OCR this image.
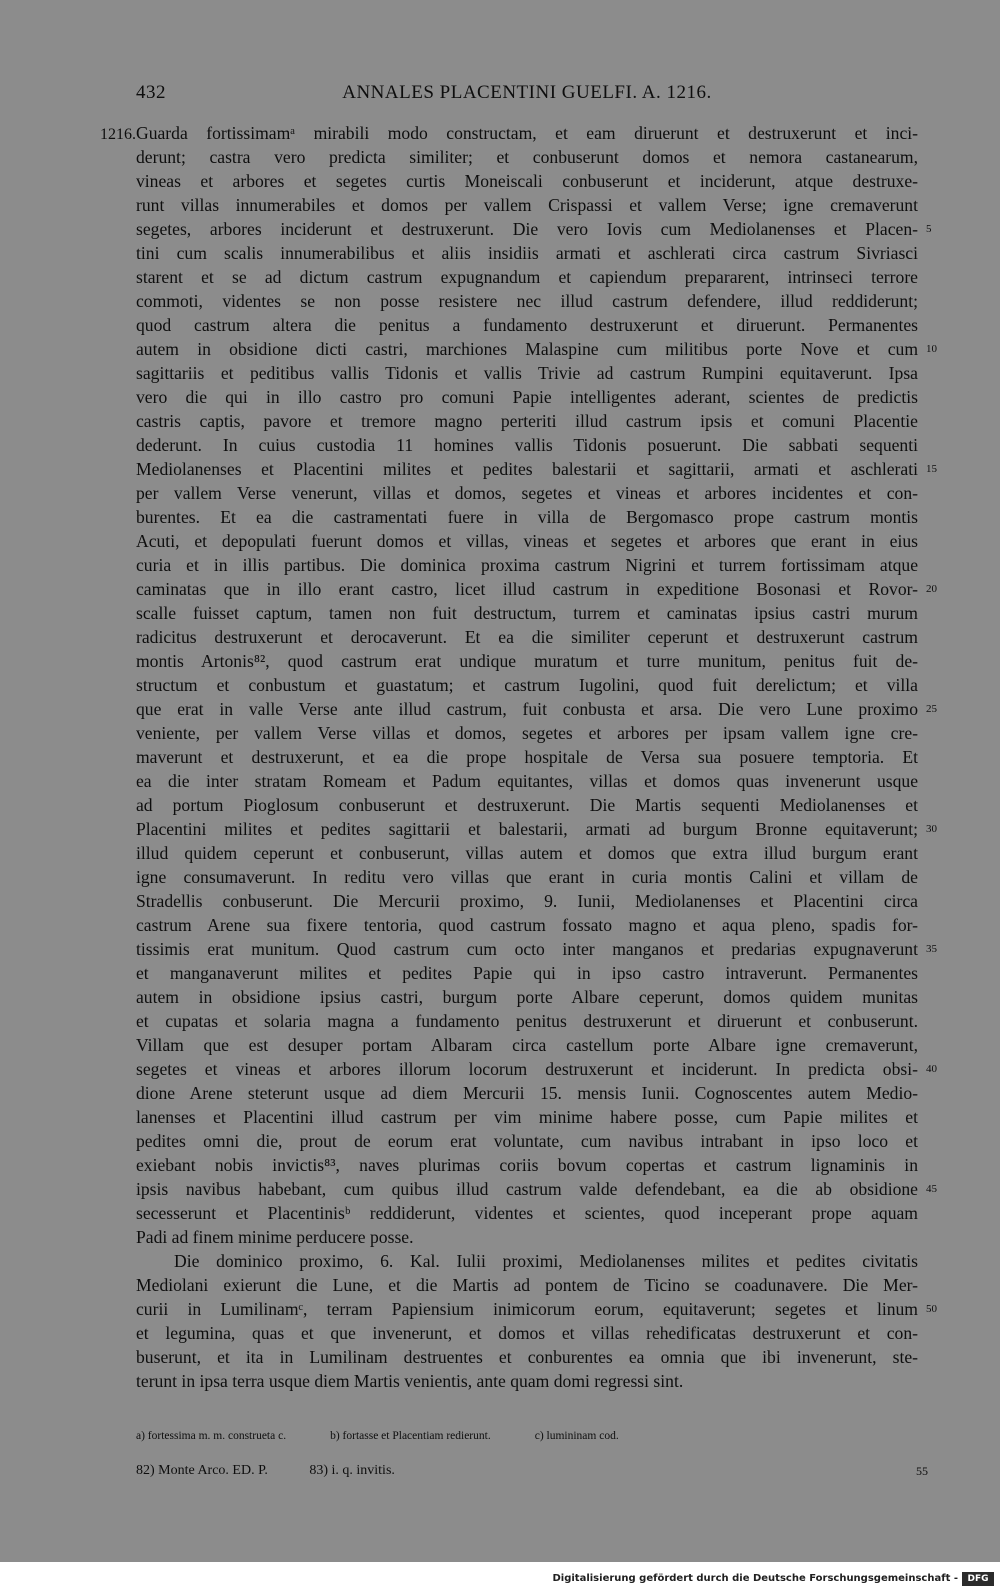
432	ANNALES PLACENTINI GUELFI. A. 1216.
1216. Guarda fortissimamᵃ mirabili modo constructam, et eam diruerunt et destruxerunt et inci-
derunt; castra vero predicta similiter; et conbuserunt domos et nemora castanearum,
vineas et arbores et segetes curtis Moneiscali conbuserunt et inciderunt, atque destruxe-
runt villas innumerabiles et domos per vallem Crispassi et vallem Verse; igne cremaverunt
segetes, arbores inciderunt et destruxerunt. Die vero Iovis cum Mediolanenses et Placen-
tini cum scalis innumerabilibus et aliis insidiis armati et aschlerati circa castrum Sivriasci
starent et se ad dictum castrum expugnandum et capiendum prepararent, intrinseci terrore
commoti, videntes se non posse resistere nec illud castrum defendere, illud reddiderunt;
quod castrum altera die penitus a fundamento destruxerunt et diruerunt. Permanentes
autem in obsidione dicti castri, marchiones Malaspine cum militibus porte Nove et cum
sagittariis et peditibus vallis Tidonis et vallis Trivie ad castrum Rumpini equitaverunt. Ipsa
vero die qui in illo castro pro comuni Papie intelligentes aderant, scientes de predictis
castris captis, pavore et tremore magno perteriti illud castrum ipsis et comuni Placentie
dederunt. In cuius custodia 11 homines vallis Tidonis posuerunt. Die sabbati sequenti
Mediolanenses et Placentini milites et pedites balestarii et sagittarii, armati et aschlerati
per vallem Verse venerunt, villas et domos, segetes et vineas et arbores incidentes et con-
burentes. Et ea die castramentati fuere in villa de Bergomasco prope castrum montis
Acuti, et depopulati fuerunt domos et villas, vineas et segetes et arbores que erant in eius
curia et in illis partibus. Die dominica proxima castrum Nigrini et turrem fortissimam atque
caminatas que in illo erant castro, licet illud castrum in expeditione Bosonasi et Rovor-
scalle fuisset captum, tamen non fuit destructum, turrem et caminatas ipsius castri murum
radicitus destruxerunt et derocaverunt. Et ea die similiter ceperunt et destruxerunt castrum
montis Artonis⁸², quod castrum erat undique muratum et turre munitum, penitus fuit de-
structum et conbustum et guastatum; et castrum Iugolini, quod fuit derelictum; et villa
que erat in valle Verse ante illud castrum, fuit conbusta et arsa. Die vero Lune proximo
veniente, per vallem Verse villas et domos, segetes et arbores per ipsam vallem igne cre-
maverunt et destruxerunt, et ea die prope hospitale de Versa sua posuere temptoria. Et
ea die inter stratam Romeam et Padum equitantes, villas et domos quas invenerunt usque
ad portum Pioglosum conbuserunt et destruxerunt. Die Martis sequenti Mediolanenses et
Placentini milites et pedites sagittarii et balestarii, armati ad burgum Bronne equitaverunt;
illud quidem ceperunt et conbuserunt, villas autem et domos que extra illud burgum erant
igne consumaverunt. In reditu vero villas que erant in curia montis Calini et villam de
Stradellis conbuserunt. Die Mercurii proximo, 9. Iunii, Mediolanenses et Placentini circa
castrum Arene sua fixere tentoria, quod castrum fossato magno et aqua pleno, spadis for-
tissimis erat munitum. Quod castrum cum octo inter manganos et predarias expugnaverunt
et manganaverunt milites et pedites Papie qui in ipso castro intraverunt. Permanentes
autem in obsidione ipsius castri, burgum porte Albare ceperunt, domos quidem munitas
et cupatas et solaria magna a fundamento penitus destruxerunt et diruerunt et conbuserunt.
Villam que est desuper portam Albaram circa castellum porte Albare igne cremaverunt,
segetes et vineas et arbores illorum locorum destruxerunt et inciderunt. In predicta obsi-
dione Arene steterunt usque ad diem Mercurii 15. mensis Iunii. Cognoscentes autem Medio-
lanenses et Placentini illud castrum per vim minime habere posse, cum Papie milites et
pedites omni die, prout de eorum erat voluntate, cum navibus intrabant in ipso loco et
exiebant nobis invictis⁸³, naves plurimas coriis bovum copertas et castrum lignaminis in
ipsis navibus habebant, cum quibus illud castrum valde defendebant, ea die ab obsidione
secesserunt et Placentinisᵇ reddiderunt, videntes et scientes, quod inceperant prope aquam
Padi ad finem minime perducere posse.
Die dominico proximo, 6. Kal. Iulii proximi, Mediolanenses milites et pedites civitatis
Mediolani exierunt die Lune, et die Martis ad pontem de Ticino se coadunavere. Die Mer-
curii in Lumilinamᶜ, terram Papiensium inimicorum eorum, equitaverunt; segetes et linum
et legumina, quas et que invenerunt, et domos et villas rehedificatas destruxerunt et con-
buserunt, et ita in Lumilinam destruentes et conburentes ea omnia que ibi invenerunt, ste-
terunt in ipsa terra usque diem Martis venientis, ante quam domi regressi sint.
5
10
15
20
25
30
35
40
45
50
a) fortessima m. m. construeta c.	b) fortasse et Placentiam redierunt.	c) lumininam cod.
82) Monte Arco. ED. P.	83) i. q. invitis.	55
Digitalisierung gefördert durch die Deutsche Forschungsgemeinschaft -	DFG
